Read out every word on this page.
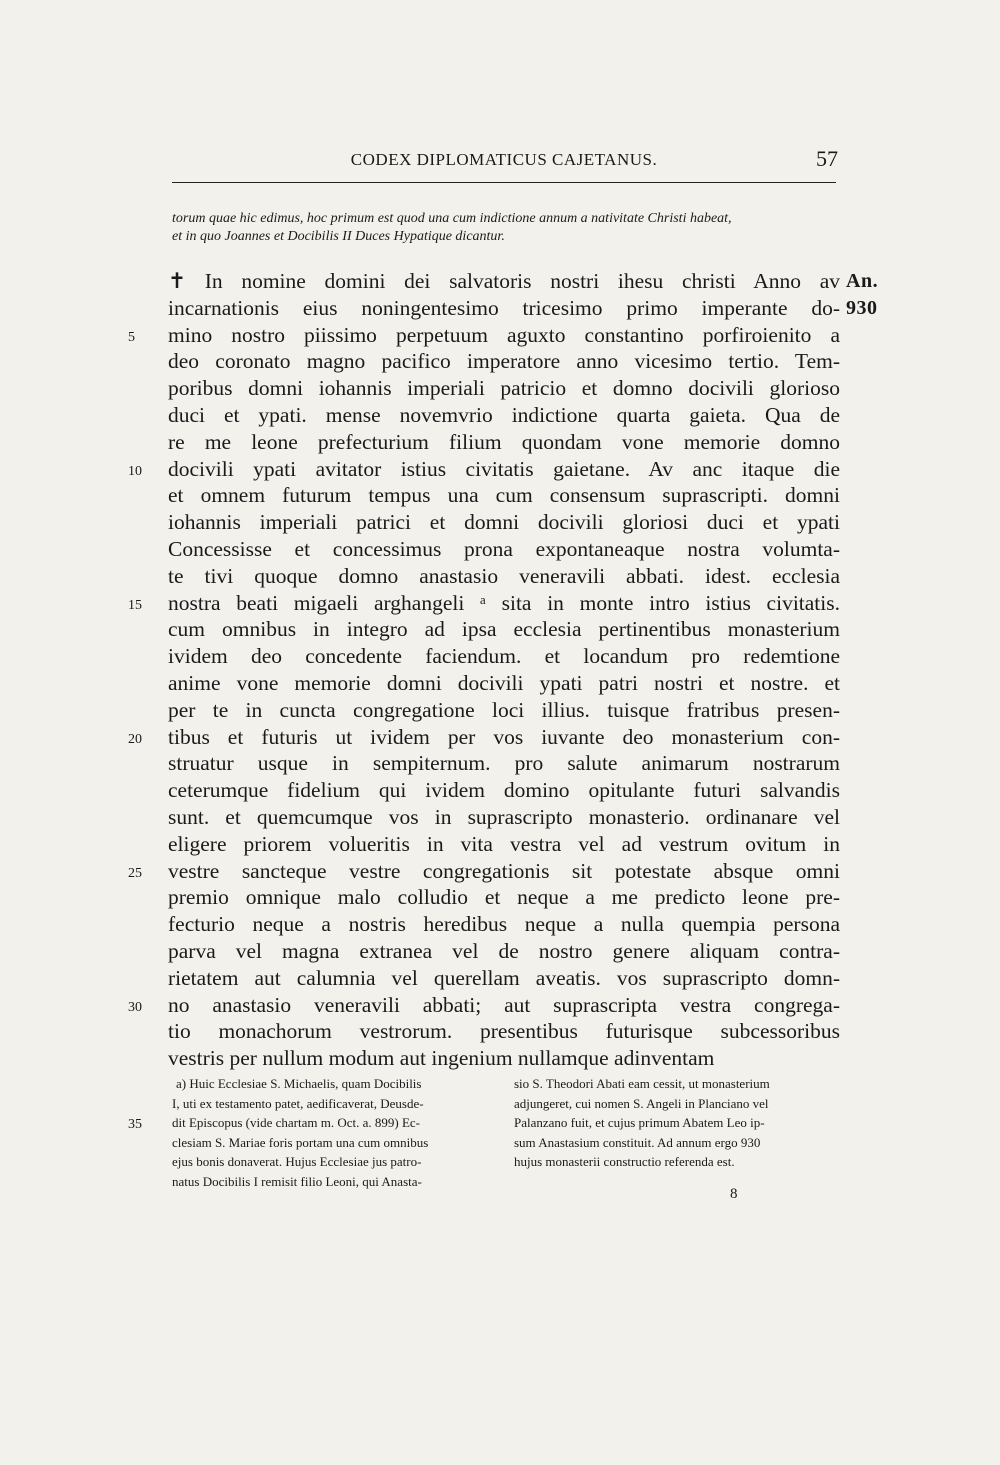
CODEX DIPLOMATICUS CAJETANUS.	57
torum quae hic edimus, hoc primum est quod una cum indictione annum a nativitate Christi habeat,
et in quo Joannes et Docibilis II Duces Hypatique dicantur.
✝ In nomine domini dei salvatoris nostri ihesu christi Anno av
incarnationis eius noningentesimo tricesimo primo imperante do-
mino nostro piissimo perpetuum aguxto constantino porfiroienito a
deo coronato magno pacifico imperatore anno vicesimo tertio. Tem-
poribus domni iohannis imperiali patricio et domno docivili glorioso
duci et ypati. mense novemvrio indictione quarta gaieta. Qua de
re me leone prefecturium filium quondam vone memorie domno
docivili ypati avitator istius civitatis gaietane. Av anc itaque die
et omnem futurum tempus una cum consensum suprascripti. domni
iohannis imperiali patrici et domni docivili gloriosi duci et ypati
Concessisse et concessimus prona expontaneaque nostra volumta-
te tivi quoque domno anastasio veneravili abbati. idest. ecclesia
nostra beati migaeli arghangeli ᵃ sita in monte intro istius civitatis.
cum omnibus in integro ad ipsa ecclesia pertinentibus monasterium
ividem deo concedente faciendum. et locandum pro redemtione
anime vone memorie domni docivili ypati patri nostri et nostre. et
per te in cuncta congregatione loci illius. tuisque fratribus presen-
tibus et futuris ut ividem per vos iuvante deo monasterium con-
struatur usque in sempiternum. pro salute animarum nostrarum
ceterumque fidelium qui ividem domino opitulante futuri salvandis
sunt. et quemcumque vos in suprascripto monasterio. ordinanare vel
eligere priorem volueritis in vita vestra vel ad vestrum ovitum in
vestre sancteque vestre congregationis sit potestate absque omni
premio omnique malo colludio et neque a me predicto leone pre-
fecturio neque a nostris heredibus neque a nulla quempia persona
parva vel magna extranea vel de nostro genere aliquam contra-
rietatem aut calumnia vel querellam aveatis. vos suprascripto domn-
no anastasio veneravili abbati; aut suprascripta vestra congrega-
tio monachorum vestrorum. presentibus futurisque subcessoribus
vestris per nullum modum aut ingenium nullamque adinventam
5
10
15
20
25
30
An.
930
a) Huic Ecclesiae S. Michaelis, quam Docibilis
I, uti ex testamento patet, aedificaverat, Deusde-
dit Episcopus (vide chartam m. Oct. a. 899) Ec-
clesiam S. Mariae foris portam una cum omnibus
ejus bonis donaverat. Hujus Ecclesiae jus patro-
natus Docibilis I remisit filio Leoni, qui Anasta-
sio S. Theodori Abati eam cessit, ut monasterium
adjungeret, cui nomen S. Angeli in Planciano vel
Palanzano fuit, et cujus primum Abatem Leo ip-
sum Anastasium constituit. Ad annum ergo 930
hujus monasterii constructio referenda est.
35
8
